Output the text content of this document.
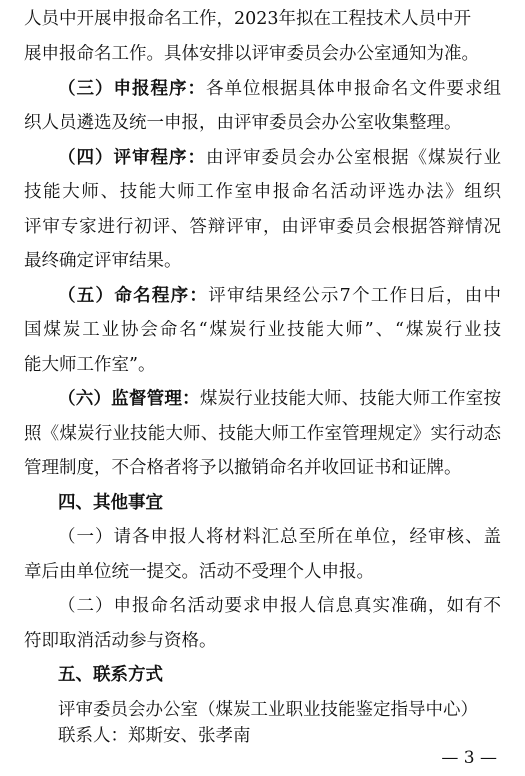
人员中开展申报命名工作，2023年拟在工程技术人员中开
展申报命名工作。具体安排以评审委员会办公室通知为准。
（三）申报程序：各单位根据具体申报命名文件要求组
织人员遴选及统一申报，由评审委员会办公室收集整理。
（四）评审程序：由评审委员会办公室根据《煤炭行业
技能大师、技能大师工作室申报命名活动评选办法》组织
评审专家进行初评、答辩评审，由评审委员会根据答辩情况
最终确定评审结果。
（五）命名程序：评审结果经公示7个工作日后，由中
国煤炭工业协会命名“煤炭行业技能大师”、“煤炭行业技
能大师工作室”。
（六）监督管理：煤炭行业技能大师、技能大师工作室按
照《煤炭行业技能大师、技能大师工作室管理规定》实行动态
管理制度，不合格者将予以撤销命名并收回证书和证牌。
四、其他事宜
（一）请各申报人将材料汇总至所在单位，经审核、盖
章后由单位统一提交。活动不受理个人申报。
（二）申报命名活动要求申报人信息真实准确，如有不
符即取消活动参与资格。
五、联系方式
评审委员会办公室（煤炭工业职业技能鉴定指导中心）
联系人：郑斯安、张孝南
— 3 —
